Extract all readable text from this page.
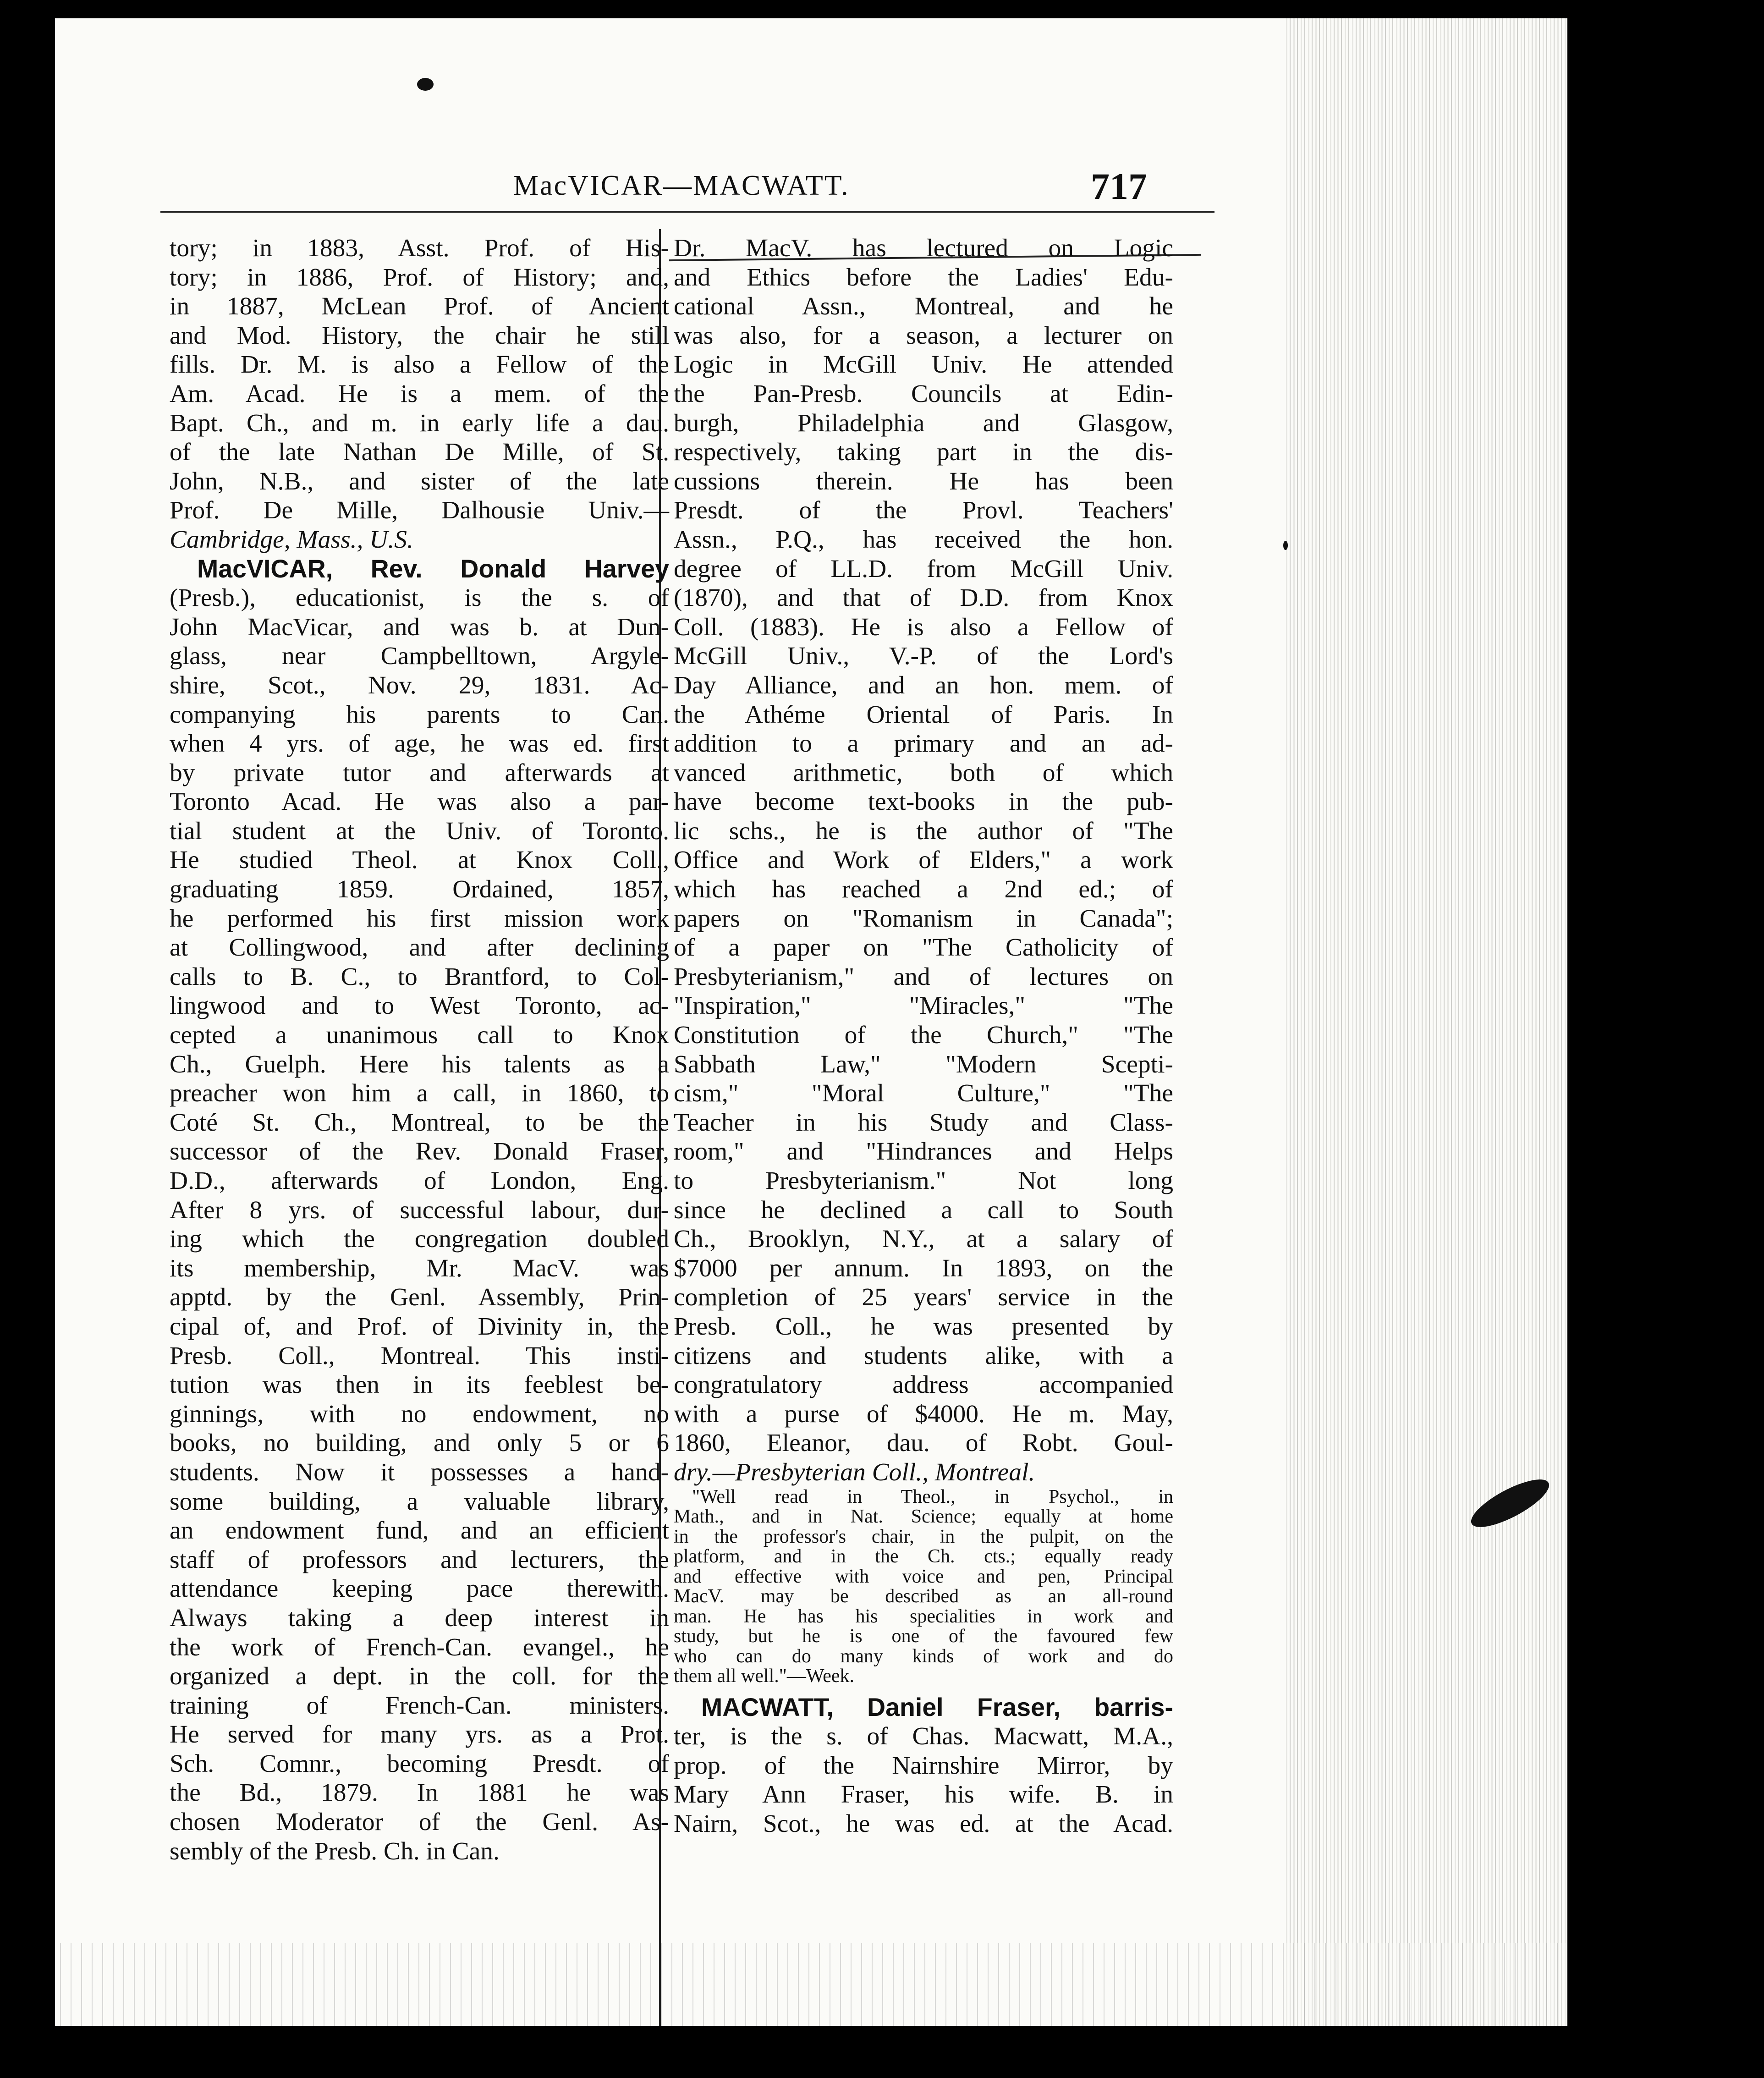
MacVICAR—MACWATT.	717
tory; in 1883, Asst. Prof. of His-
tory; in 1886, Prof. of History; and,
in 1887, McLean Prof. of Ancient
and Mod. History, the chair he still
fills. Dr. M. is also a Fellow of the
Am. Acad. He is a mem. of the
Bapt. Ch., and m. in early life a dau.
of the late Nathan De Mille, of St.
John, N.B., and sister of the late
Prof. De Mille, Dalhousie Univ.—
Cambridge, Mass., U.S.
MacVICAR, Rev. Donald Harvey
(Presb.), educationist, is the s. of
John MacVicar, and was b. at Dun-
glass, near Campbelltown, Argyle-
shire, Scot., Nov. 29, 1831. Ac-
companying his parents to Can.
when 4 yrs. of age, he was ed. first
by private tutor and afterwards at
Toronto Acad. He was also a par-
tial student at the Univ. of Toronto.
He studied Theol. at Knox Coll.,
graduating 1859. Ordained, 1857,
he performed his first mission work
at Collingwood, and after declining
calls to B. C., to Brantford, to Col-
lingwood and to West Toronto, ac-
cepted a unanimous call to Knox
Ch., Guelph. Here his talents as a
preacher won him a call, in 1860, to
Coté St. Ch., Montreal, to be the
successor of the Rev. Donald Fraser,
D.D., afterwards of London, Eng.
After 8 yrs. of successful labour, dur-
ing which the congregation doubled
its membership, Mr. MacV. was
apptd. by the Genl. Assembly, Prin-
cipal of, and Prof. of Divinity in, the
Presb. Coll., Montreal. This insti-
tution was then in its feeblest be-
ginnings, with no endowment, no
books, no building, and only 5 or 6
students. Now it possesses a hand-
some building, a valuable library,
an endowment fund, and an efficient
staff of professors and lecturers, the
attendance keeping pace therewith.
Always taking a deep interest in
the work of French-Can. evangel., he
organized a dept. in the coll. for the
training of French-Can. ministers.
He served for many yrs. as a Prot.
Sch. Comnr., becoming Presdt. of
the Bd., 1879. In 1881 he was
chosen Moderator of the Genl. As-
sembly of the Presb. Ch. in Can.
Dr. MacV. has lectured on Logic
and Ethics before the Ladies' Edu-
cational Assn., Montreal, and he
was also, for a season, a lecturer on
Logic in McGill Univ. He attended
the Pan-Presb. Councils at Edin-
burgh, Philadelphia and Glasgow,
respectively, taking part in the dis-
cussions therein. He has been
Presdt. of the Provl. Teachers'
Assn., P.Q., has received the hon.
degree of LL.D. from McGill Univ.
(1870), and that of D.D. from Knox
Coll. (1883). He is also a Fellow of
McGill Univ., V.-P. of the Lord's
Day Alliance, and an hon. mem. of
the Athéme Oriental of Paris. In
addition to a primary and an ad-
vanced arithmetic, both of which
have become text-books in the pub-
lic schs., he is the author of "The
Office and Work of Elders," a work
which has reached a 2nd ed.; of
papers on "Romanism in Canada";
of a paper on "The Catholicity of
Presbyterianism," and of lectures on
"Inspiration," "Miracles," "The
Constitution of the Church," "The
Sabbath Law," "Modern Scepti-
cism," "Moral Culture," "The
Teacher in his Study and Class-
room," and "Hindrances and Helps
to Presbyterianism." Not long
since he declined a call to South
Ch., Brooklyn, N.Y., at a salary of
$7000 per annum. In 1893, on the
completion of 25 years' service in the
Presb. Coll., he was presented by
citizens and students alike, with a
congratulatory address accompanied
with a purse of $4000. He m. May,
1860, Eleanor, dau. of Robt. Goul-
dry.—Presbyterian Coll., Montreal.
"Well read in Theol., in Psychol., in
Math., and in Nat. Science; equally at home
in the professor's chair, in the pulpit, on the
platform, and in the Ch. cts.; equally ready
and effective with voice and pen, Principal
MacV. may be described as an all-round
man. He has his specialities in work and
study, but he is one of the favoured few
who can do many kinds of work and do
them all well."—Week.
MACWATT, Daniel Fraser, barris-
ter, is the s. of Chas. Macwatt, M.A.,
prop. of the Nairnshire Mirror, by
Mary Ann Fraser, his wife. B. in
Nairn, Scot., he was ed. at the Acad.
